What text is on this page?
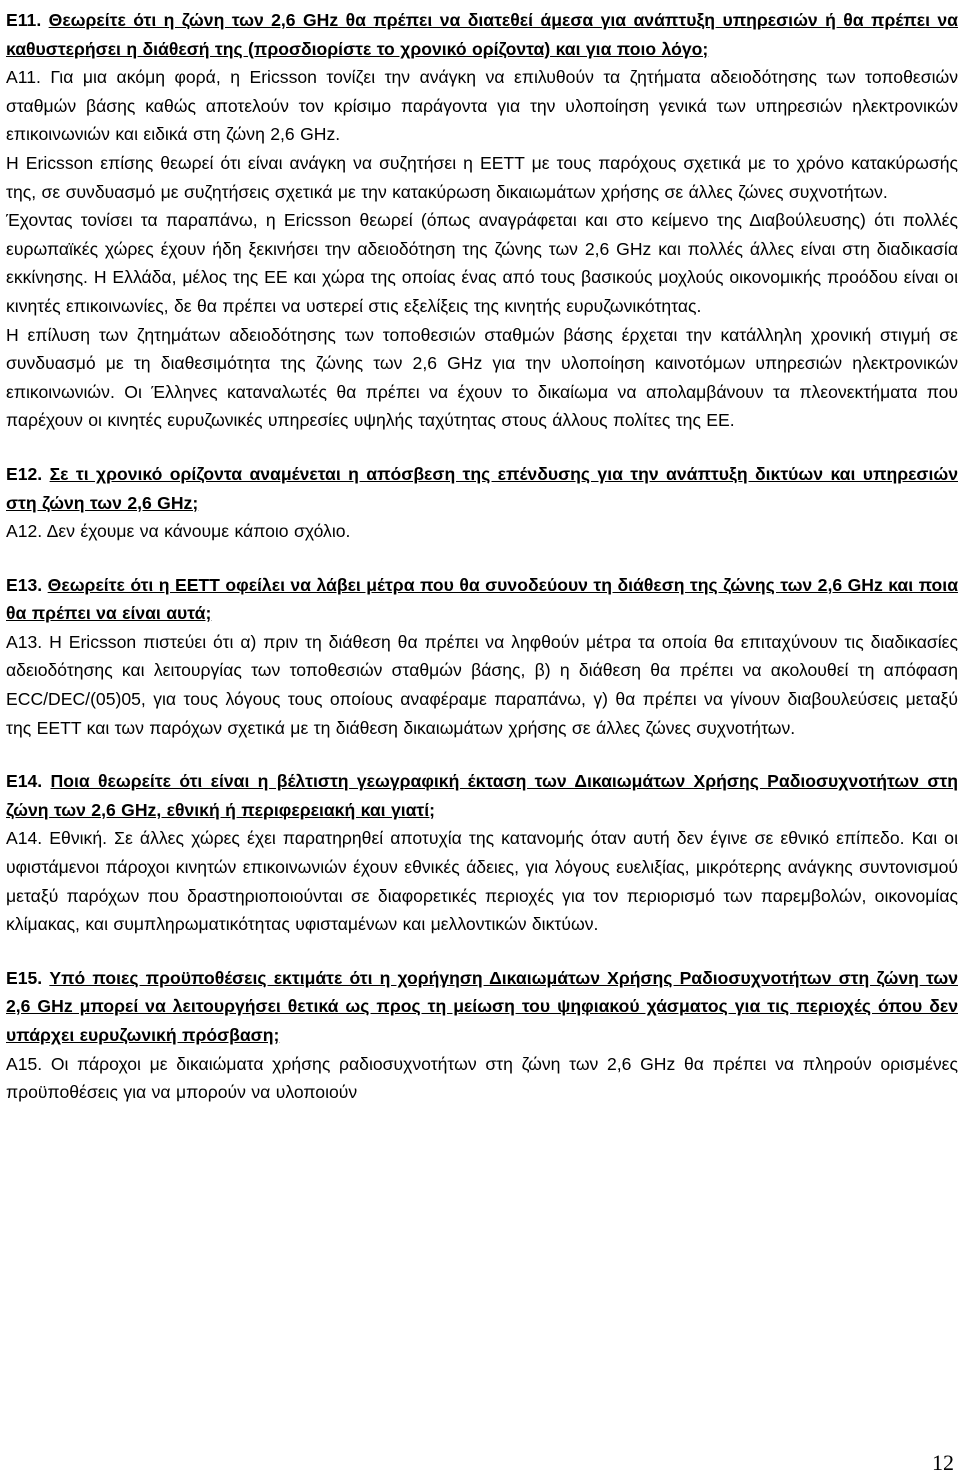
Ε11. Θεωρείτε ότι η ζώνη των 2,6 GHz θα πρέπει να διατεθεί άμεσα για ανάπτυξη υπηρεσιών ή θα πρέπει να καθυστερήσει η διάθεσή της (προσδιορίστε το χρονικό ορίζοντα) και για ποιο λόγο;

Α11. Για μια ακόμη φορά, η Ericsson τονίζει την ανάγκη να επιλυθούν τα ζητήματα αδειοδότησης των τοποθεσιών σταθμών βάσης καθώς αποτελούν τον κρίσιμο παράγοντα για την υλοποίηση γενικά των υπηρεσιών ηλεκτρονικών επικοινωνιών και ειδικά στη ζώνη 2,6 GHz.

Η Ericsson επίσης θεωρεί ότι είναι ανάγκη να συζητήσει η ΕΕΤΤ με τους παρόχους σχετικά με το χρόνο κατακύρωσής της, σε συνδυασμό με συζητήσεις σχετικά με την κατακύρωση δικαιωμάτων χρήσης σε άλλες ζώνες συχνοτήτων.

Έχοντας τονίσει τα παραπάνω, η Ericsson θεωρεί (όπως αναγράφεται και στο κείμενο της Διαβούλευσης) ότι πολλές ευρωπαϊκές χώρες έχουν ήδη ξεκινήσει την αδειοδότηση της ζώνης των 2,6 GHz και πολλές άλλες είναι στη διαδικασία εκκίνησης. Η Ελλάδα, μέλος της ΕΕ και χώρα της οποίας ένας από τους βασικούς μοχλούς οικονομικής προόδου είναι οι κινητές επικοινωνίες, δε θα πρέπει να υστερεί στις εξελίξεις της κινητής ευρυζωνικότητας.

Η επίλυση των ζητημάτων αδειοδότησης των τοποθεσιών σταθμών βάσης έρχεται την κατάλληλη χρονική στιγμή σε συνδυασμό με τη διαθεσιμότητα της ζώνης των 2,6 GHz για την υλοποίηση καινοτόμων υπηρεσιών ηλεκτρονικών επικοινωνιών. Οι Έλληνες καταναλωτές θα πρέπει να έχουν το δικαίωμα να απολαμβάνουν τα πλεονεκτήματα που παρέχουν οι κινητές ευρυζωνικές υπηρεσίες υψηλής ταχύτητας στους άλλους πολίτες της ΕΕ.

Ε12. Σε τι χρονικό ορίζοντα αναμένεται η απόσβεση της επένδυσης για την ανάπτυξη δικτύων και υπηρεσιών στη ζώνη των 2,6 GHz;

Α12. Δεν έχουμε να κάνουμε κάποιο σχόλιο.

Ε13. Θεωρείτε ότι η ΕΕΤΤ οφείλει να λάβει μέτρα που θα συνοδεύουν τη διάθεση της ζώνης των 2,6 GHz και ποια θα πρέπει να είναι αυτά;

Α13. Η Ericsson πιστεύει ότι α) πριν τη διάθεση θα πρέπει να ληφθούν μέτρα τα οποία θα επιταχύνουν τις διαδικασίες αδειοδότησης και λειτουργίας των τοποθεσιών σταθμών βάσης, β) η διάθεση θα πρέπει να ακολουθεί τη απόφαση ECC/DEC/(05)05, για τους λόγους τους οποίους αναφέραμε παραπάνω, γ) θα πρέπει να γίνουν διαβουλεύσεις μεταξύ της ΕΕΤΤ και των παρόχων σχετικά με τη διάθεση δικαιωμάτων χρήσης σε άλλες ζώνες συχνοτήτων.

Ε14. Ποια θεωρείτε ότι είναι η βέλτιστη γεωγραφική έκταση των Δικαιωμάτων Χρήσης Ραδιοσυχνοτήτων στη ζώνη των 2,6 GHz, εθνική ή περιφερειακή και γιατί;

Α14. Εθνική. Σε άλλες χώρες έχει παρατηρηθεί αποτυχία της κατανομής όταν αυτή δεν έγινε σε εθνικό επίπεδο. Και οι υφιστάμενοι πάροχοι κινητών επικοινωνιών έχουν εθνικές άδειες, για λόγους ευελιξίας, μικρότερης ανάγκης συντονισμού μεταξύ παρόχων που δραστηριοποιούνται σε διαφορετικές περιοχές για τον περιορισμό των παρεμβολών, οικονομίας κλίμακας, και συμπληρωματικότητας υφισταμένων και μελλοντικών δικτύων.

Ε15. Υπό ποιες προϋποθέσεις εκτιμάτε ότι η χορήγηση Δικαιωμάτων Χρήσης Ραδιοσυχνοτήτων στη ζώνη των 2,6 GHz μπορεί να λειτουργήσει θετικά ως προς τη μείωση του ψηφιακού χάσματος για τις περιοχές όπου δεν υπάρχει ευρυζωνική πρόσβαση;

Α15. Οι πάροχοι με δικαιώματα χρήσης ραδιοσυχνοτήτων στη ζώνη των 2,6 GHz θα πρέπει να πληρούν ορισμένες προϋποθέσεις για να μπορούν να υλοποιούν

12
